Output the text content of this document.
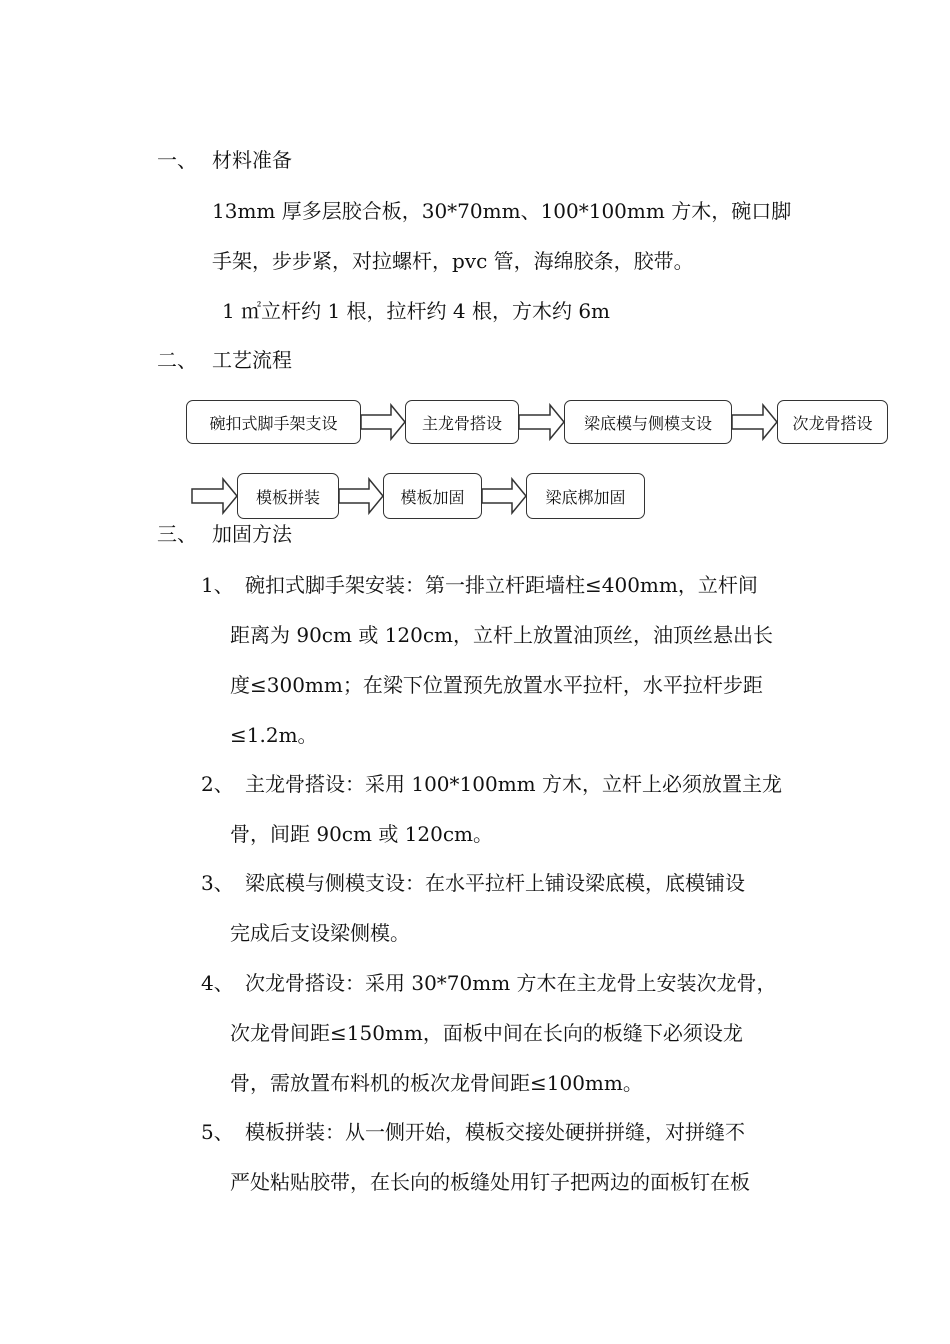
一、 材料准备

13mm 厚多层胶合板，30*70mm、100*100mm 方木，碗口脚

手架，步步紧，对拉螺杆，pvc 管，海绵胶条，胶带。

1 ㎡立杆约 1 根，拉杆约 4 根，方木约 6m

二、 工艺流程
碗扣式脚手架支设	主龙骨搭设	梁底模与侧模支设	次龙骨搭设
模板拼装	模板加固	梁底梆加固
三、 加固方法
1、 碗扣式脚手架安装：第一排立杆距墙柱≤400mm，立杆间

距离为 90cm 或 120cm，立杆上放置油顶丝，油顶丝悬出长

度≤300mm；在梁下位置预先放置水平拉杆，水平拉杆步距

≤1.2m。

2、 主龙骨搭设：采用 100*100mm 方木，立杆上必须放置主龙

骨，间距 90cm 或 120cm。

3、 梁底模与侧模支设：在水平拉杆上铺设梁底模，底模铺设

完成后支设梁侧模。

4、 次龙骨搭设：采用 30*70mm 方木在主龙骨上安装次龙骨，

次龙骨间距≤150mm，面板中间在长向的板缝下必须设龙

骨，需放置布料机的板次龙骨间距≤100mm。

5、 模板拼装：从一侧开始，模板交接处硬拼拼缝，对拼缝不

严处粘贴胶带，在长向的板缝处用钉子把两边的面板钉在板
